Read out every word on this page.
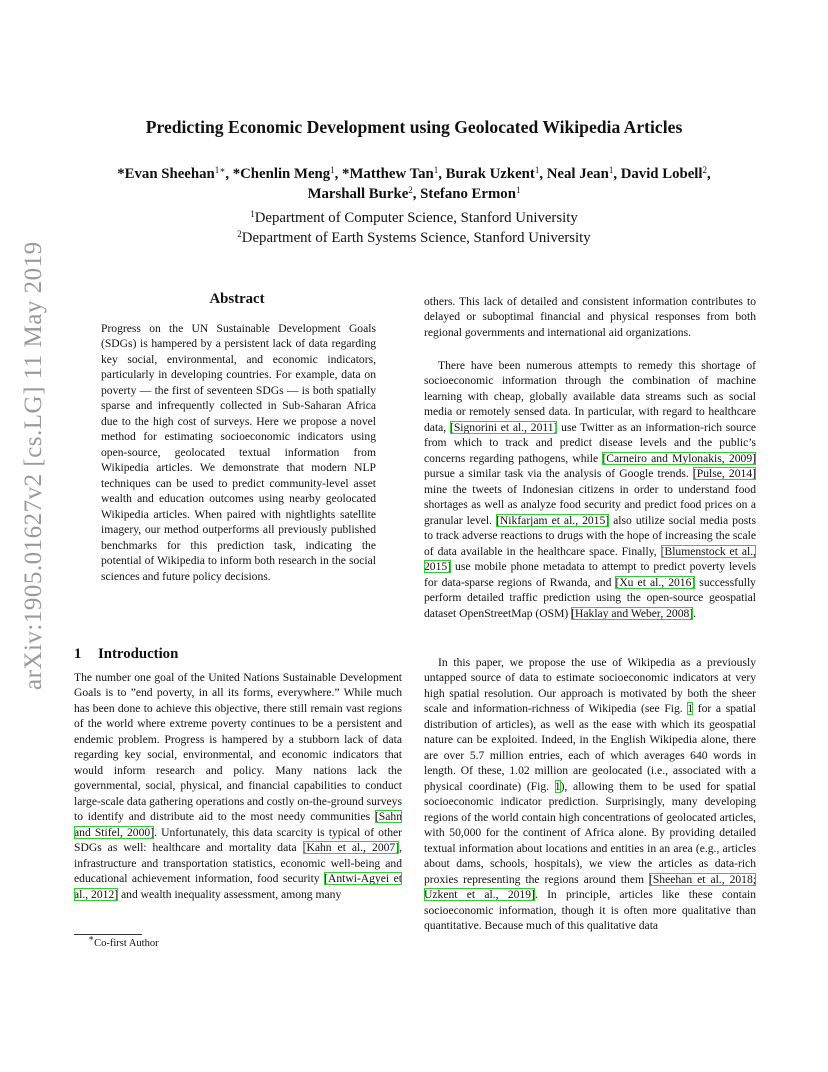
arXiv:1905.01627v2 [cs.LG] 11 May 2019
Predicting Economic Development using Geolocated Wikipedia Articles
*Evan Sheehan$^{1∗}$, *Chenlin Meng$^1$, *Matthew Tan$^1$, Burak Uzkent$^1$, Neal Jean$^1$, David Lobell$^2$,
Marshall Burke$^2$, Stefano Ermon$^1$
$^1$Department of Computer Science, Stanford University
$^2$Department of Earth Systems Science, Stanford University
Abstract

Progress on the UN Sustainable Development Goals (SDGs) is hampered by a persistent lack of data regarding key social, environmental, and economic indicators, particularly in developing countries. For example, data on poverty — the first of seventeen SDGs — is both spatially sparse and infrequently collected in Sub-Saharan Africa due to the high cost of surveys. Here we propose a novel method for estimating socioeconomic indicators using open-source, geolocated textual information from Wikipedia articles. We demonstrate that modern NLP techniques can be used to predict community-level asset wealth and education outcomes using nearby geolocated Wikipedia articles. When paired with nightlights satellite imagery, our method outperforms all previously published benchmarks for this prediction task, indicating the potential of Wikipedia to inform both research in the social sciences and future policy decisions.

1 Introduction

The number one goal of the United Nations Sustainable Development Goals is to ”end poverty, in all its forms, everywhere.” While much has been done to achieve this objective, there still remain vast regions of the world where extreme poverty continues to be a persistent and endemic problem. Progress is hampered by a stubborn lack of data regarding key social, environmental, and economic indicators that would inform research and policy. Many nations lack the governmental, social, physical, and financial capabilities to conduct large-scale data gathering operations and costly on-the-ground surveys to identify and distribute aid to the most needy communities [Sahn and Stifel, 2000]. Unfortunately, this data scarcity is typical of other SDGs as well: healthcare and mortality data [Kahn et al., 2007], infrastructure and transportation statistics, economic well-being and educational achievement information, food security [Antwi-Agyei et al., 2012] and wealth inequality assessment, among many

others. This lack of detailed and consistent information contributes to delayed or suboptimal financial and physical responses from both regional governments and international aid organizations.

There have been numerous attempts to remedy this shortage of socioeconomic information through the combination of machine learning with cheap, globally available data streams such as social media or remotely sensed data. In particular, with regard to healthcare data, [Signorini et al., 2011] use Twitter as an information-rich source from which to track and predict disease levels and the public’s concerns regarding pathogens, while [Carneiro and Mylonakis, 2009] pursue a similar task via the analysis of Google trends. [Pulse, 2014] mine the tweets of Indonesian citizens in order to understand food shortages as well as analyze food security and predict food prices on a granular level. [Nikfarjam et al., 2015] also utilize social media posts to track adverse reactions to drugs with the hope of increasing the scale of data available in the healthcare space. Finally, [Blumenstock et al., 2015] use mobile phone metadata to attempt to predict poverty levels for data-sparse regions of Rwanda, and [Xu et al., 2016] successfully perform detailed traffic prediction using the open-source geospatial dataset OpenStreetMap (OSM) [Haklay and Weber, 2008].

In this paper, we propose the use of Wikipedia as a previously untapped source of data to estimate socioeconomic indicators at very high spatial resolution. Our approach is motivated by both the sheer scale and information-richness of Wikipedia (see Fig. 1 for a spatial distribution of articles), as well as the ease with which its geospatial nature can be exploited. Indeed, in the English Wikipedia alone, there are over 5.7 million entries, each of which averages 640 words in length. Of these, 1.02 million are geolocated (i.e., associated with a physical coordinate) (Fig. 1), allowing them to be used for spatial socioeconomic indicator prediction. Surprisingly, many developing regions of the world contain high concentrations of geolocated articles, with 50,000 for the continent of Africa alone. By providing detailed textual information about locations and entities in an area (e.g., articles about dams, schools, hospitals), we view the articles as data-rich proxies representing the regions around them [Sheehan et al., 2018; Uzkent et al., 2019]. In principle, articles like these contain socioeconomic information, though it is often more qualitative than quantitative. Because much of this qualitative data

∗Co-first Author
